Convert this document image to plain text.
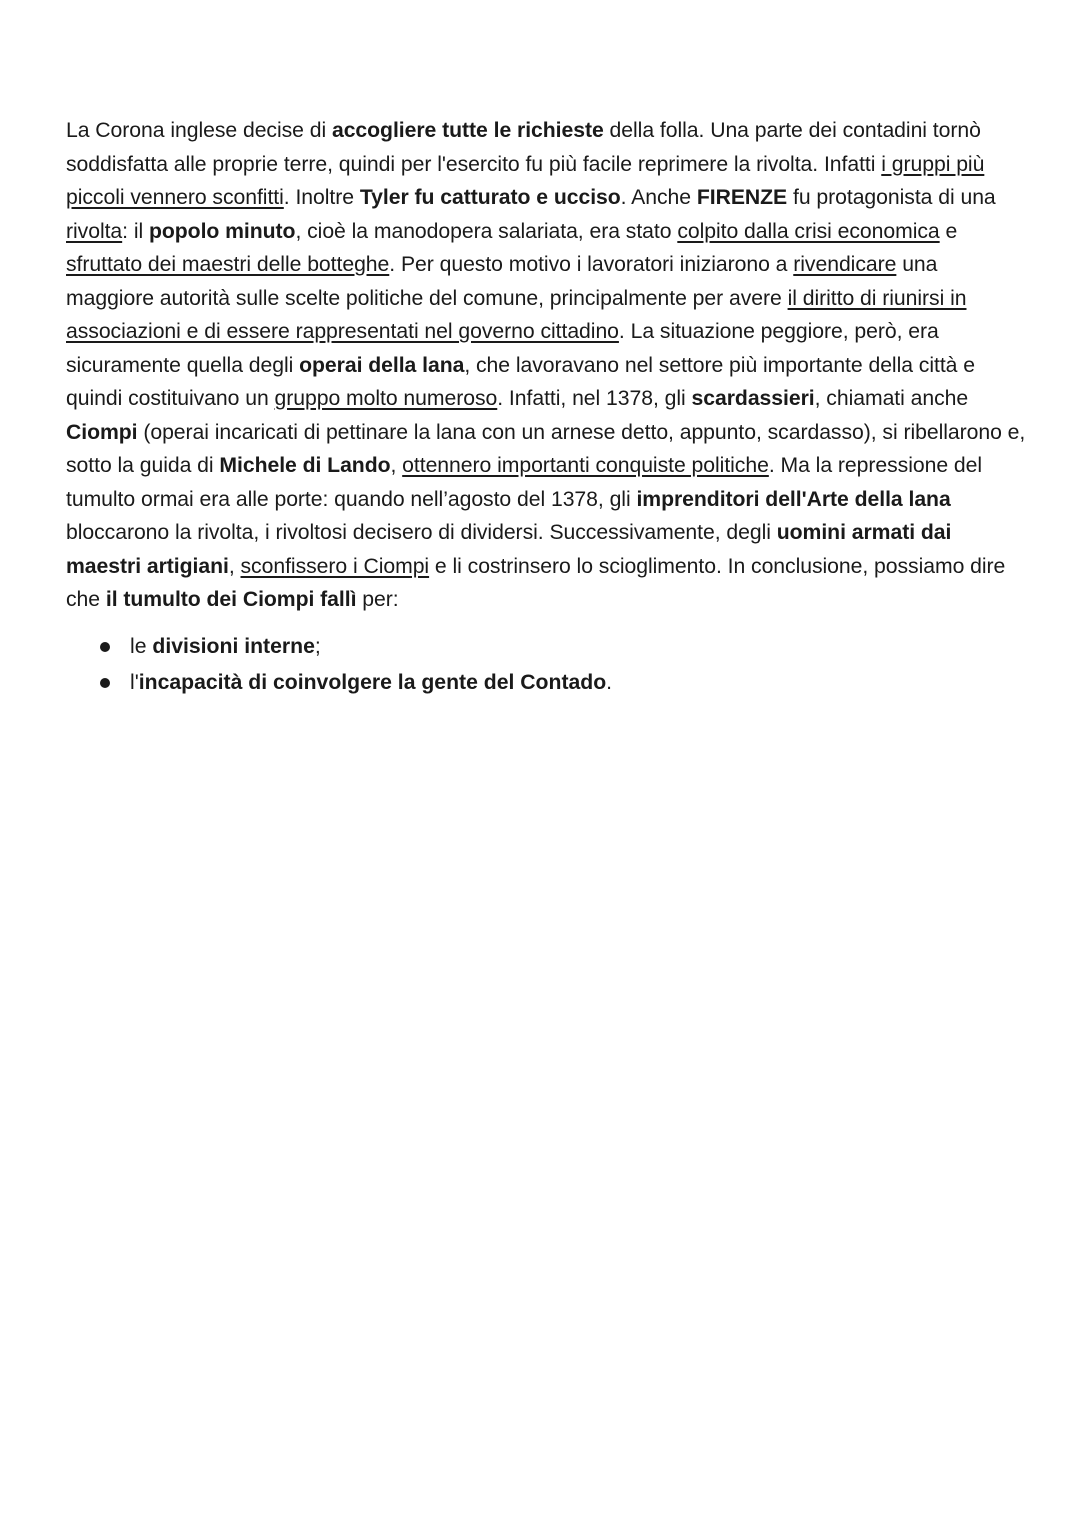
La Corona inglese decise di accogliere tutte le richieste della folla. Una parte dei contadini tornò soddisfatta alle proprie terre, quindi per l'esercito fu più facile reprimere la rivolta. Infatti i gruppi più piccoli vennero sconfitti. Inoltre Tyler fu catturato e ucciso. Anche FIRENZE fu protagonista di una rivolta: il popolo minuto, cioè la manodopera salariata, era stato colpito dalla crisi economica e sfruttato dei maestri delle botteghe. Per questo motivo i lavoratori iniziarono a rivendicare una maggiore autorità sulle scelte politiche del comune, principalmente per avere il diritto di riunirsi in associazioni e di essere rappresentati nel governo cittadino. La situazione peggiore, però, era sicuramente quella degli operai della lana, che lavoravano nel settore più importante della città e quindi costituivano un gruppo molto numeroso. Infatti, nel 1378, gli scardassieri, chiamati anche Ciompi (operai incaricati di pettinare la lana con un arnese detto, appunto, scardasso), si ribellarono e, sotto la guida di Michele di Lando, ottennero importanti conquiste politiche. Ma la repressione del tumulto ormai era alle porte: quando nell’agosto del 1378, gli imprenditori dell'Arte della lana bloccarono la rivolta, i rivoltosi decisero di dividersi. Successivamente, degli uomini armati dai maestri artigiani, sconfissero i Ciompi e li costrinsero lo scioglimento. In conclusione, possiamo dire che il tumulto dei Ciompi fallì per:

le divisioni interne;
l'incapacità di coinvolgere la gente del Contado.
